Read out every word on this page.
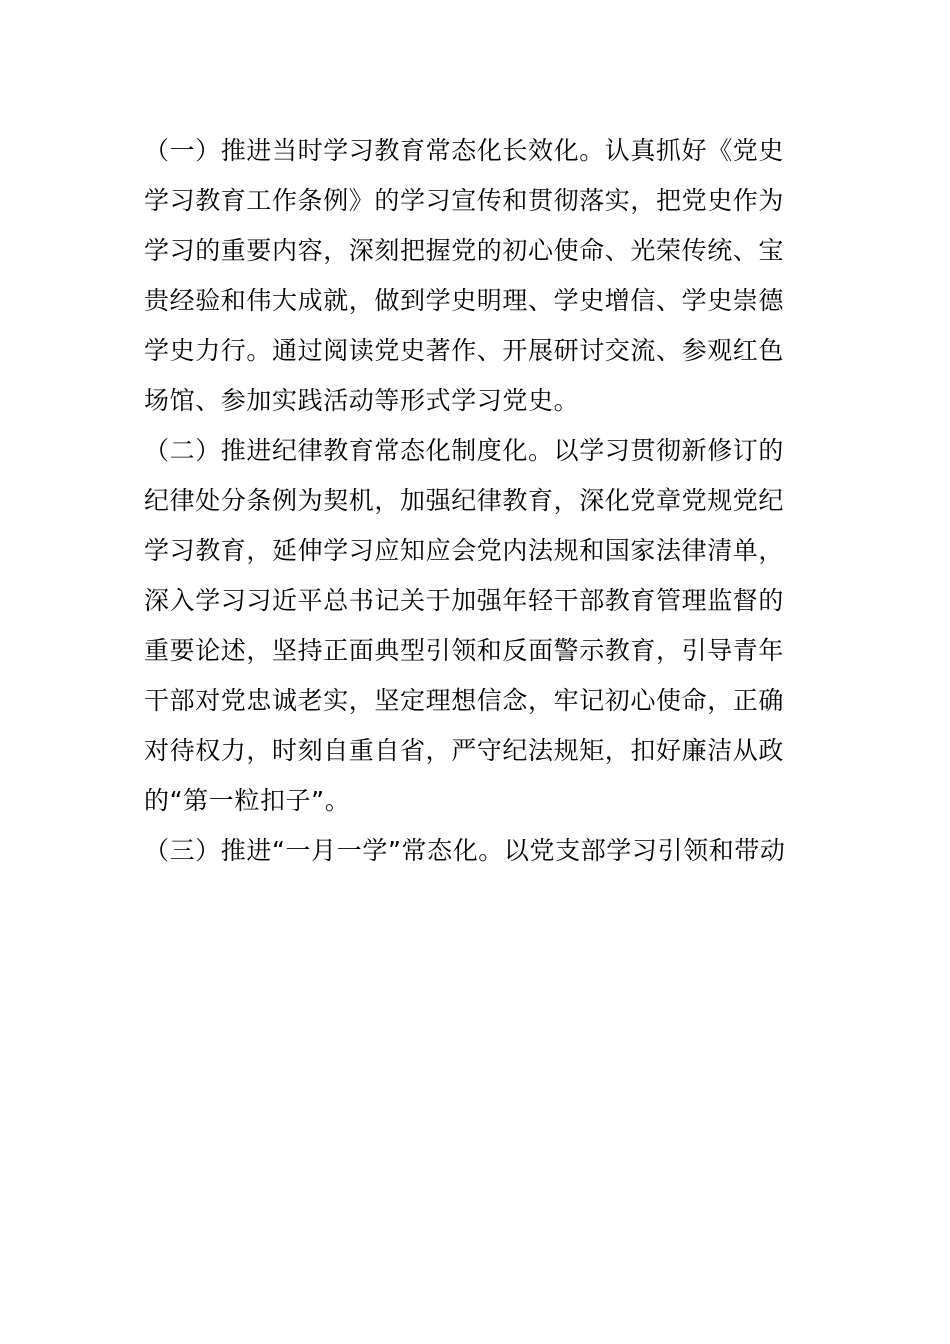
（一）推进当时学习教育常态化长效化。认真抓好《党史
学习教育工作条例》的学习宣传和贯彻落实，把党史作为
学习的重要内容，深刻把握党的初心使命、光荣传统、宝
贵经验和伟大成就，做到学史明理、学史增信、学史崇德
学史力行。通过阅读党史著作、开展研讨交流、参观红色
场馆、参加实践活动等形式学习党史。
（二）推进纪律教育常态化制度化。以学习贯彻新修订的
纪律处分条例为契机，加强纪律教育，深化党章党规党纪
学习教育，延伸学习应知应会党内法规和国家法律清单，
深入学习习近平总书记关于加强年轻干部教育管理监督的
重要论述，坚持正面典型引领和反面警示教育，引导青年
干部对党忠诚老实，坚定理想信念，牢记初心使命，正确
对待权力，时刻自重自省，严守纪法规矩，扣好廉洁从政
的“第一粒扣子”。
（三）推进“一月一学”常态化。以党支部学习引领和带动
